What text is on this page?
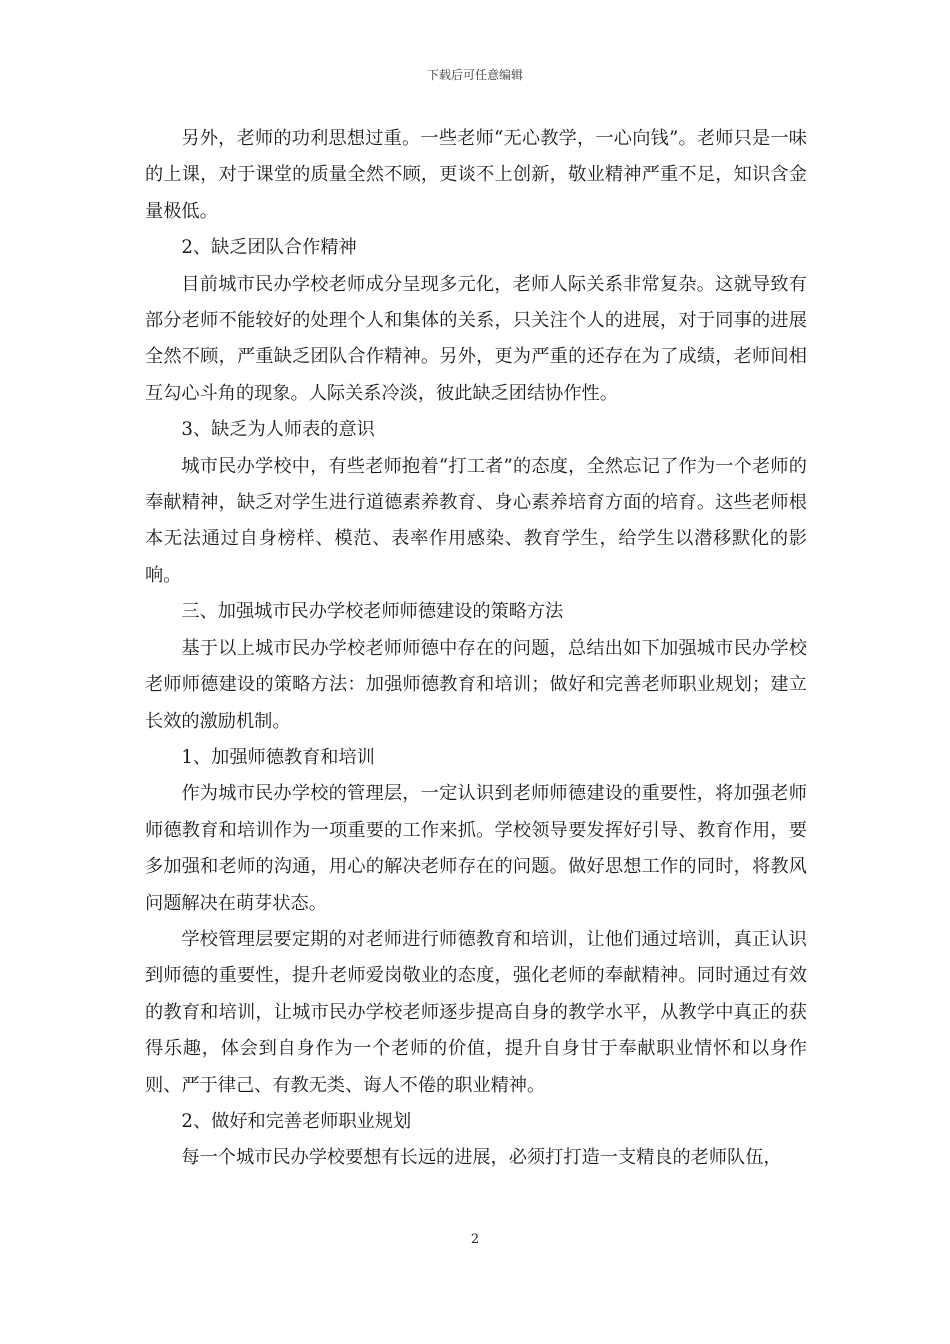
下载后可任意编辑

另外，老师的功利思想过重。一些老师“无心教学，一心向钱”。老师只是一味的上课，对于课堂的质量全然不顾，更谈不上创新，敬业精神严重不足，知识含金量极低。

2、缺乏团队合作精神

目前城市民办学校老师成分呈现多元化，老师人际关系非常复杂。这就导致有部分老师不能较好的处理个人和集体的关系，只关注个人的进展，对于同事的进展全然不顾，严重缺乏团队合作精神。另外，更为严重的还存在为了成绩，老师间相互勾心斗角的现象。人际关系冷淡，彼此缺乏团结协作性。

3、缺乏为人师表的意识

城市民办学校中，有些老师抱着“打工者”的态度，全然忘记了作为一个老师的奉献精神，缺乏对学生进行道德素养教育、身心素养培育方面的培育。这些老师根本无法通过自身榜样、模范、表率作用感染、教育学生，给学生以潜移默化的影响。

三、加强城市民办学校老师师德建设的策略方法

基于以上城市民办学校老师师德中存在的问题，总结出如下加强城市民办学校老师师德建设的策略方法：加强师德教育和培训；做好和完善老师职业规划；建立长效的激励机制。

1、加强师德教育和培训

作为城市民办学校的管理层，一定认识到老师师德建设的重要性，将加强老师师德教育和培训作为一项重要的工作来抓。学校领导要发挥好引导、教育作用，要多加强和老师的沟通，用心的解决老师存在的问题。做好思想工作的同时，将教风问题解决在萌芽状态。

学校管理层要定期的对老师进行师德教育和培训，让他们通过培训，真正认识到师德的重要性，提升老师爱岗敬业的态度，强化老师的奉献精神。同时通过有效的教育和培训，让城市民办学校老师逐步提高自身的教学水平，从教学中真正的获得乐趣，体会到自身作为一个老师的价值，提升自身甘于奉献职业情怀和以身作则、严于律己、有教无类、诲人不倦的职业精神。

2、做好和完善老师职业规划

每一个城市民办学校要想有长远的进展，必须打打造一支精良的老师队伍，

2
